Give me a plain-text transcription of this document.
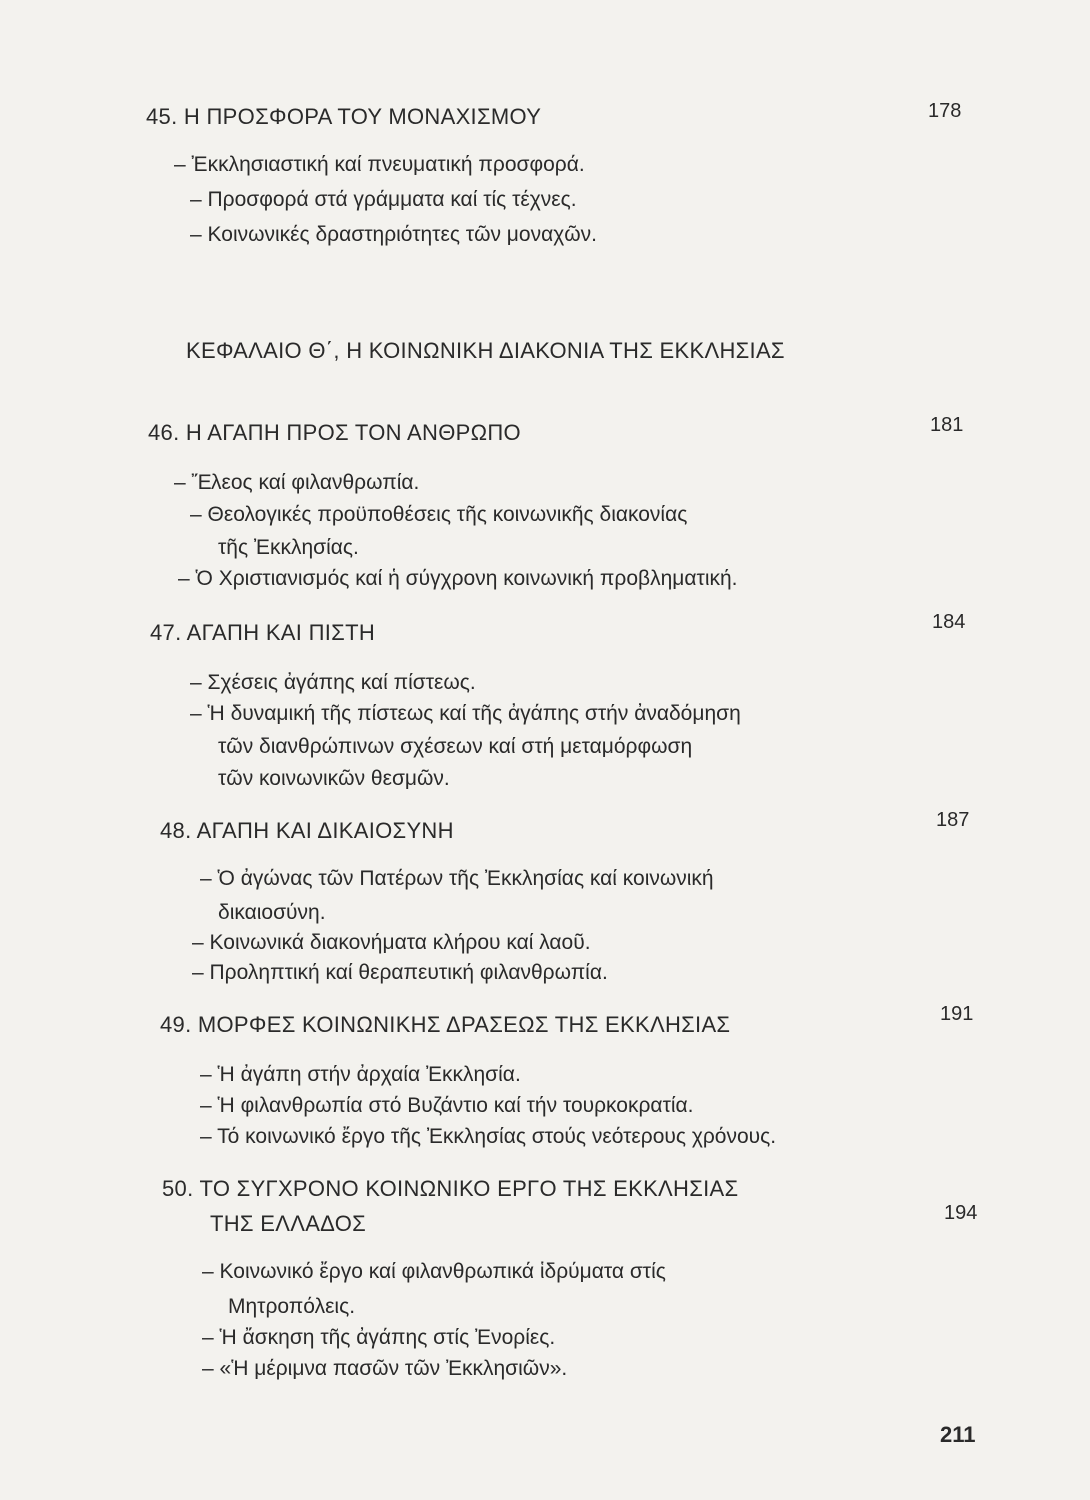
45. Η ΠΡΟΣΦΟΡΑ ΤΟΥ ΜΟΝΑΧΙΣΜΟΥ	178
– Ἐκκλησιαστική καί πνευματική προσφορά.
– Προσφορά στά γράμματα καί τίς τέχνες.
– Κοινωνικές δραστηριότητες τῶν μοναχῶν.
ΚΕΦΑΛΑΙΟ Θ΄, Η ΚΟΙΝΩΝΙΚΗ ΔΙΑΚΟΝΙΑ ΤΗΣ ΕΚΚΛΗΣΙΑΣ
46. Η ΑΓΑΠΗ ΠΡΟΣ ΤΟΝ ΑΝΘΡΩΠΟ	181
– Ἔλεος καί φιλανθρωπία.
– Θεολογικές προϋποθέσεις τῆς κοινωνικῆς διακονίας
τῆς Ἐκκλησίας.
– Ὁ Χριστιανισμός καί ἡ σύγχρονη κοινωνική προβληματική.
47. ΑΓΑΠΗ ΚΑΙ ΠΙΣΤΗ	184
– Σχέσεις ἀγάπης καί πίστεως.
– Ἡ δυναμική τῆς πίστεως καί τῆς ἀγάπης στήν ἀναδόμηση
τῶν διανθρώπινων σχέσεων καί στή μεταμόρφωση
τῶν κοινωνικῶν θεσμῶν.
48. ΑΓΑΠΗ ΚΑΙ ΔΙΚΑΙΟΣΥΝΗ	187
– Ὁ ἀγώνας τῶν Πατέρων τῆς Ἐκκλησίας καί κοινωνική
δικαιοσύνη.
– Κοινωνικά διακονήματα κλήρου καί λαοῦ.
– Προληπτική καί θεραπευτική φιλανθρωπία.
49. ΜΟΡΦΕΣ ΚΟΙΝΩΝΙΚΗΣ ΔΡΑΣΕΩΣ ΤΗΣ ΕΚΚΛΗΣΙΑΣ	191
– Ἡ ἀγάπη στήν ἀρχαία Ἐκκλησία.
– Ἡ φιλανθρωπία στό Βυζάντιο καί τήν τουρκοκρατία.
– Τό κοινωνικό ἔργο τῆς Ἐκκλησίας στούς νεότερους χρόνους.
50. ΤΟ ΣΥΓΧΡΟΝΟ ΚΟΙΝΩΝΙΚΟ ΕΡΓΟ ΤΗΣ ΕΚΚΛΗΣΙΑΣ
ΤΗΣ ΕΛΛΑΔΟΣ	194
– Κοινωνικό ἔργο καί φιλανθρωπικά ἱδρύματα στίς
Μητροπόλεις.
– Ἡ ἄσκηση τῆς ἀγάπης στίς Ἐνορίες.
– «Ἡ μέριμνα πασῶν τῶν Ἐκκλησιῶν».
211
